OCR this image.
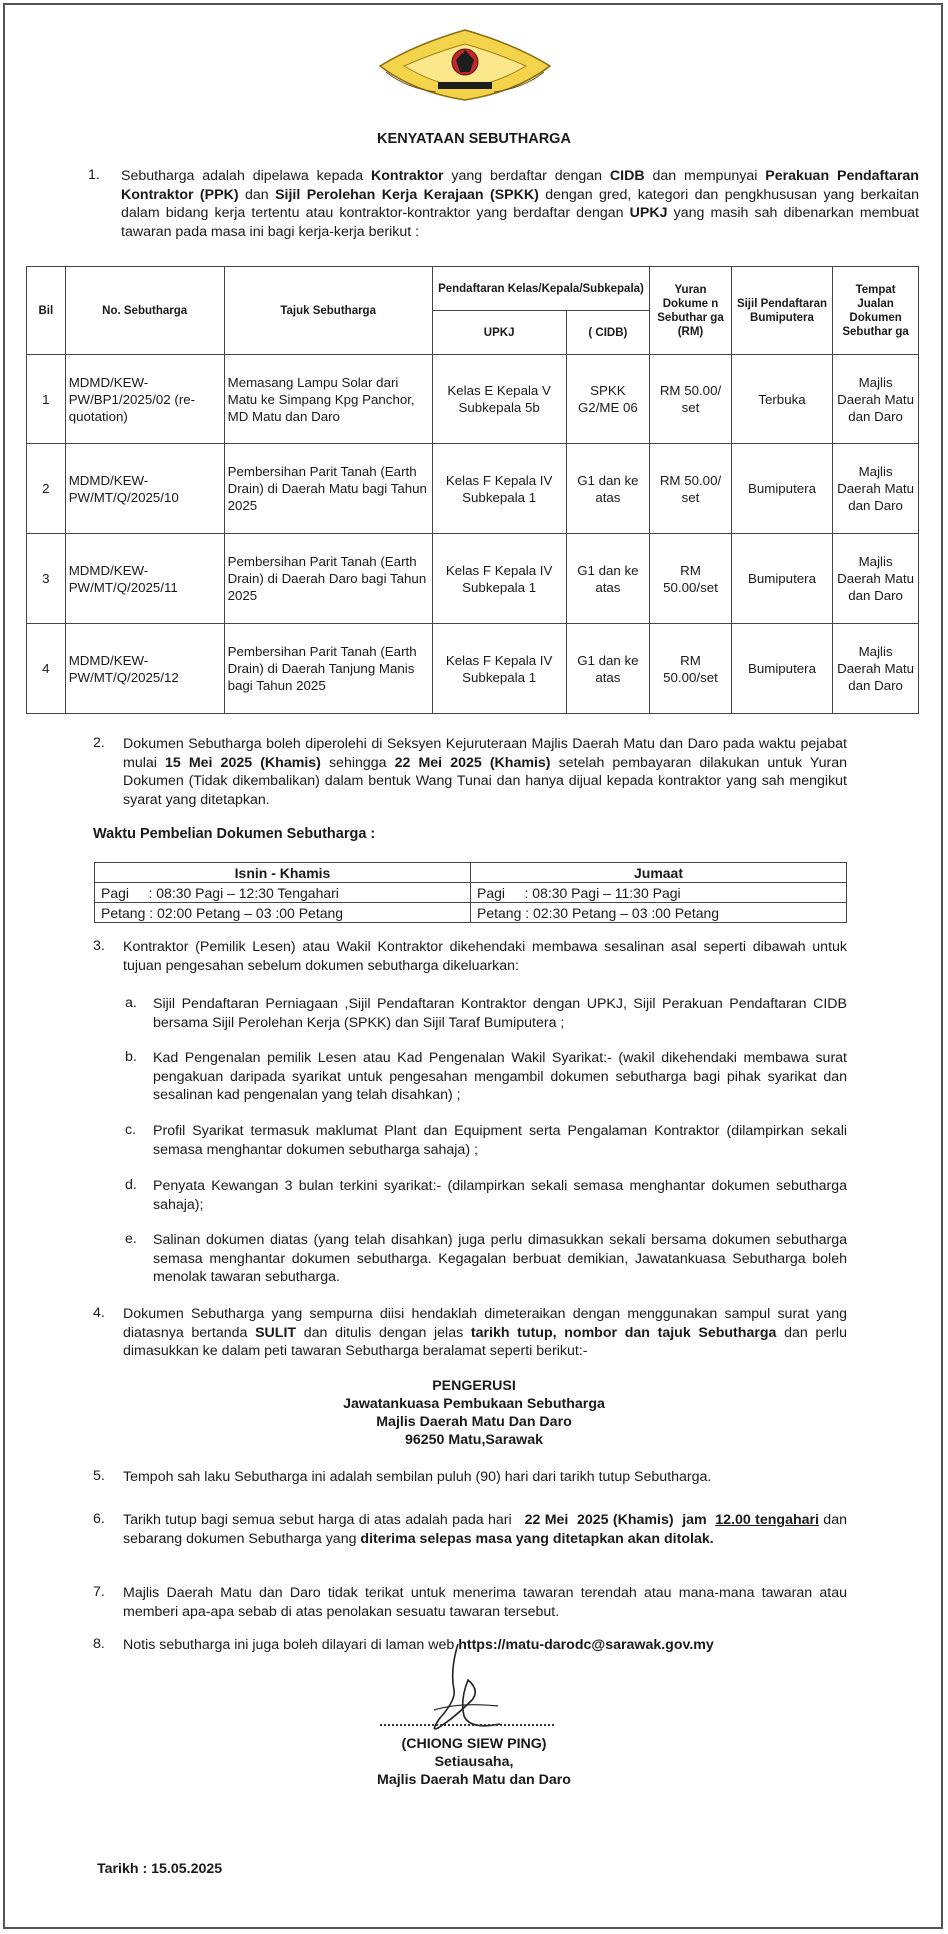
KENYATAAN SEBUTHARGA
1. Sebutharga adalah dipelawa kepada Kontraktor yang berdaftar dengan CIDB dan mempunyai Perakuan Pendaftaran Kontraktor (PPK) dan Sijil Perolehan Kerja Kerajaan (SPKK) dengan gred, kategori dan pengkhususan yang berkaitan dalam bidang kerja tertentu atau kontraktor-kontraktor yang berdaftar dengan UPKJ yang masih sah dibenarkan membuat tawaran pada masa ini bagi kerja-kerja berikut :
Bil	No. Sebutharga	Tajuk Sebutharga	Pendaftaran Kelas/Kepala/Subkepala)		Yuran Dokume n Sebuthar ga (RM)	Sijil Pendaftaran Bumiputera	Tempat Jualan Dokumen Sebuthar ga
			UPKJ	( CIDB)			
1	MDMD/KEW-PW/BP1/2025/02 (re-quotation)	Memasang Lampu Solar dari Matu ke Simpang Kpg Panchor, MD Matu dan Daro	Kelas E Kepala V Subkepala 5b	SPKK G2/ME 06	RM 50.00/ set	Terbuka	Majlis Daerah Matu dan Daro
2	MDMD/KEW-PW/MT/Q/2025/10	Pembersihan Parit Tanah (Earth Drain) di Daerah Matu bagi Tahun 2025	Kelas F Kepala IV Subkepala 1	G1 dan ke atas	RM 50.00/ set	Bumiputera	Majlis Daerah Matu dan Daro
3	MDMD/KEW-PW/MT/Q/2025/11	Pembersihan Parit Tanah (Earth Drain) di Daerah Daro bagi Tahun 2025	Kelas F Kepala IV Subkepala 1	G1 dan ke atas	RM 50.00/set	Bumiputera	Majlis Daerah Matu dan Daro
4	MDMD/KEW-PW/MT/Q/2025/12	Pembersihan Parit Tanah (Earth Drain) di Daerah Tanjung Manis bagi Tahun 2025	Kelas F Kepala IV Subkepala 1	G1 dan ke atas	RM 50.00/set	Bumiputera	Majlis Daerah Matu dan Daro
2. Dokumen Sebutharga boleh diperolehi di Seksyen Kejuruteraan Majlis Daerah Matu dan Daro pada waktu pejabat mulai 15 Mei 2025 (Khamis) sehingga 22 Mei 2025 (Khamis) setelah pembayaran dilakukan untuk Yuran Dokumen (Tidak dikembalikan) dalam bentuk Wang Tunai dan hanya dijual kepada kontraktor yang sah mengikut syarat yang ditetapkan.
Waktu Pembelian Dokumen Sebutharga :
Isnin - Khamis	Jumaat
Pagi     : 08:30 Pagi – 12:30 Tengahari	Pagi     : 08:30 Pagi – 11:30 Pagi
Petang : 02:00 Petang – 03 :00 Petang	Petang : 02:30 Petang – 03 :00 Petang
3. Kontraktor (Pemilik Lesen) atau Wakil Kontraktor dikehendaki membawa sesalinan asal seperti dibawah untuk tujuan pengesahan sebelum dokumen sebutharga dikeluarkan:
a. Sijil Pendaftaran Perniagaan ,Sijil Pendaftaran Kontraktor dengan UPKJ, Sijil Perakuan Pendaftaran CIDB bersama Sijil Perolehan Kerja (SPKK) dan Sijil Taraf Bumiputera ;
b. Kad Pengenalan pemilik Lesen atau Kad Pengenalan Wakil Syarikat:- (wakil dikehendaki membawa surat pengakuan daripada syarikat untuk pengesahan mengambil dokumen sebutharga bagi pihak syarikat dan sesalinan kad pengenalan yang telah disahkan) ;
c. Profil Syarikat termasuk maklumat Plant dan Equipment serta Pengalaman Kontraktor (dilampirkan sekali semasa menghantar dokumen sebutharga sahaja) ;
d. Penyata Kewangan 3 bulan terkini syarikat:- (dilampirkan sekali semasa menghantar dokumen sebutharga sahaja);
e. Salinan dokumen diatas (yang telah disahkan) juga perlu dimasukkan sekali bersama dokumen sebutharga semasa menghantar dokumen sebutharga. Kegagalan berbuat demikian, Jawatankuasa Sebutharga boleh menolak tawaran sebutharga.
4. Dokumen Sebutharga yang sempurna diisi hendaklah dimeteraikan dengan menggunakan sampul surat yang diatasnya bertanda SULIT dan ditulis dengan jelas tarikh tutup, nombor dan tajuk Sebutharga dan perlu dimasukkan ke dalam peti tawaran Sebutharga beralamat seperti berikut:-
PENGERUSI
Jawatankuasa Pembukaan Sebutharga
Majlis Daerah Matu Dan Daro
96250 Matu,Sarawak
5. Tempoh sah laku Sebutharga ini adalah sembilan puluh (90) hari dari tarikh tutup Sebutharga.
6. Tarikh tutup bagi semua sebut harga di atas adalah pada hari   22 Mei  2025 (Khamis)  jam  12.00 tengahari dan sebarang dokumen Sebutharga yang diterima selepas masa yang ditetapkan akan ditolak.
7. Majlis Daerah Matu dan Daro tidak terikat untuk menerima tawaran terendah atau mana-mana tawaran atau memberi apa-apa sebab di atas penolakan sesuatu tawaran tersebut.
8. Notis sebutharga ini juga boleh dilayari di laman web https://matu-darodc@sarawak.gov.my
(CHIONG SIEW PING)
Setiausaha,
Majlis Daerah Matu dan Daro
Tarikh : 15.05.2025
